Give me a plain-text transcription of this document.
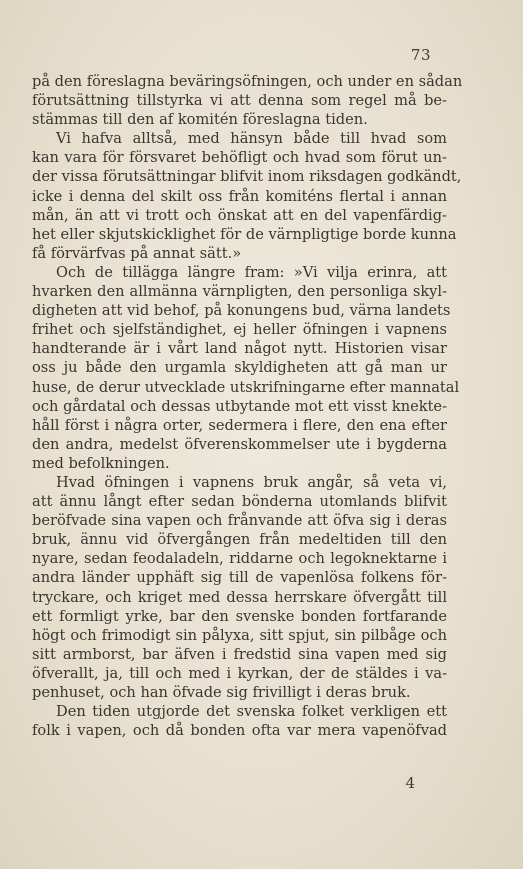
73
på den föreslagna beväringsöfningen, och under en sådan
förutsättning tillstyrka vi att denna som regel må be-
stämmas till den af komitén föreslagna tiden.
Vi hafva alltså, med hänsyn både till hvad som
kan vara för försvaret behöfligt och hvad som förut un-
der vissa förutsättningar blifvit inom riksdagen godkändt,
icke i denna del skilt oss från komiténs flertal i annan
mån, än att vi trott och önskat att en del vapenfärdig-
het eller skjutskicklighet för de värnpligtige borde kunna
få förvärfvas på annat sätt.»
Och de tillägga längre fram: »Vi vilja erinra, att
hvarken den allmänna värnpligten, den personliga skyl-
digheten att vid behof, på konungens bud, värna landets
frihet och sjelfständighet, ej heller öfningen i vapnens
handterande är i vårt land något nytt. Historien visar
oss ju både den urgamla skyldigheten att gå man ur
huse, de derur utvecklade utskrifningarne efter mannatal
och gårdatal och dessas utbytande mot ett visst knekte-
håll först i några orter, sedermera i flere, den ena efter
den andra, medelst öfverenskommelser ute i bygderna
med befolkningen.
Hvad öfningen i vapnens bruk angår, så veta vi,
att ännu långt efter sedan bönderna utomlands blifvit
beröfvade sina vapen och frånvande att öfva sig i deras
bruk, ännu vid öfvergången från medeltiden till den
nyare, sedan feodaladeln, riddarne och legoknektarne i
andra länder upphäft sig till de vapenlösa folkens för-
tryckare, och kriget med dessa herrskare öfvergått till
ett formligt yrke, bar den svenske bonden fortfarande
högt och frimodigt sin pålyxa, sitt spjut, sin pilbåge och
sitt armborst, bar äfven i fredstid sina vapen med sig
öfverallt, ja, till och med i kyrkan, der de stäldes i va-
penhuset, och han öfvade sig frivilligt i deras bruk.
Den tiden utgjorde det svenska folket verkligen ett
folk i vapen, och då bonden ofta var mera vapenöfvad
4
